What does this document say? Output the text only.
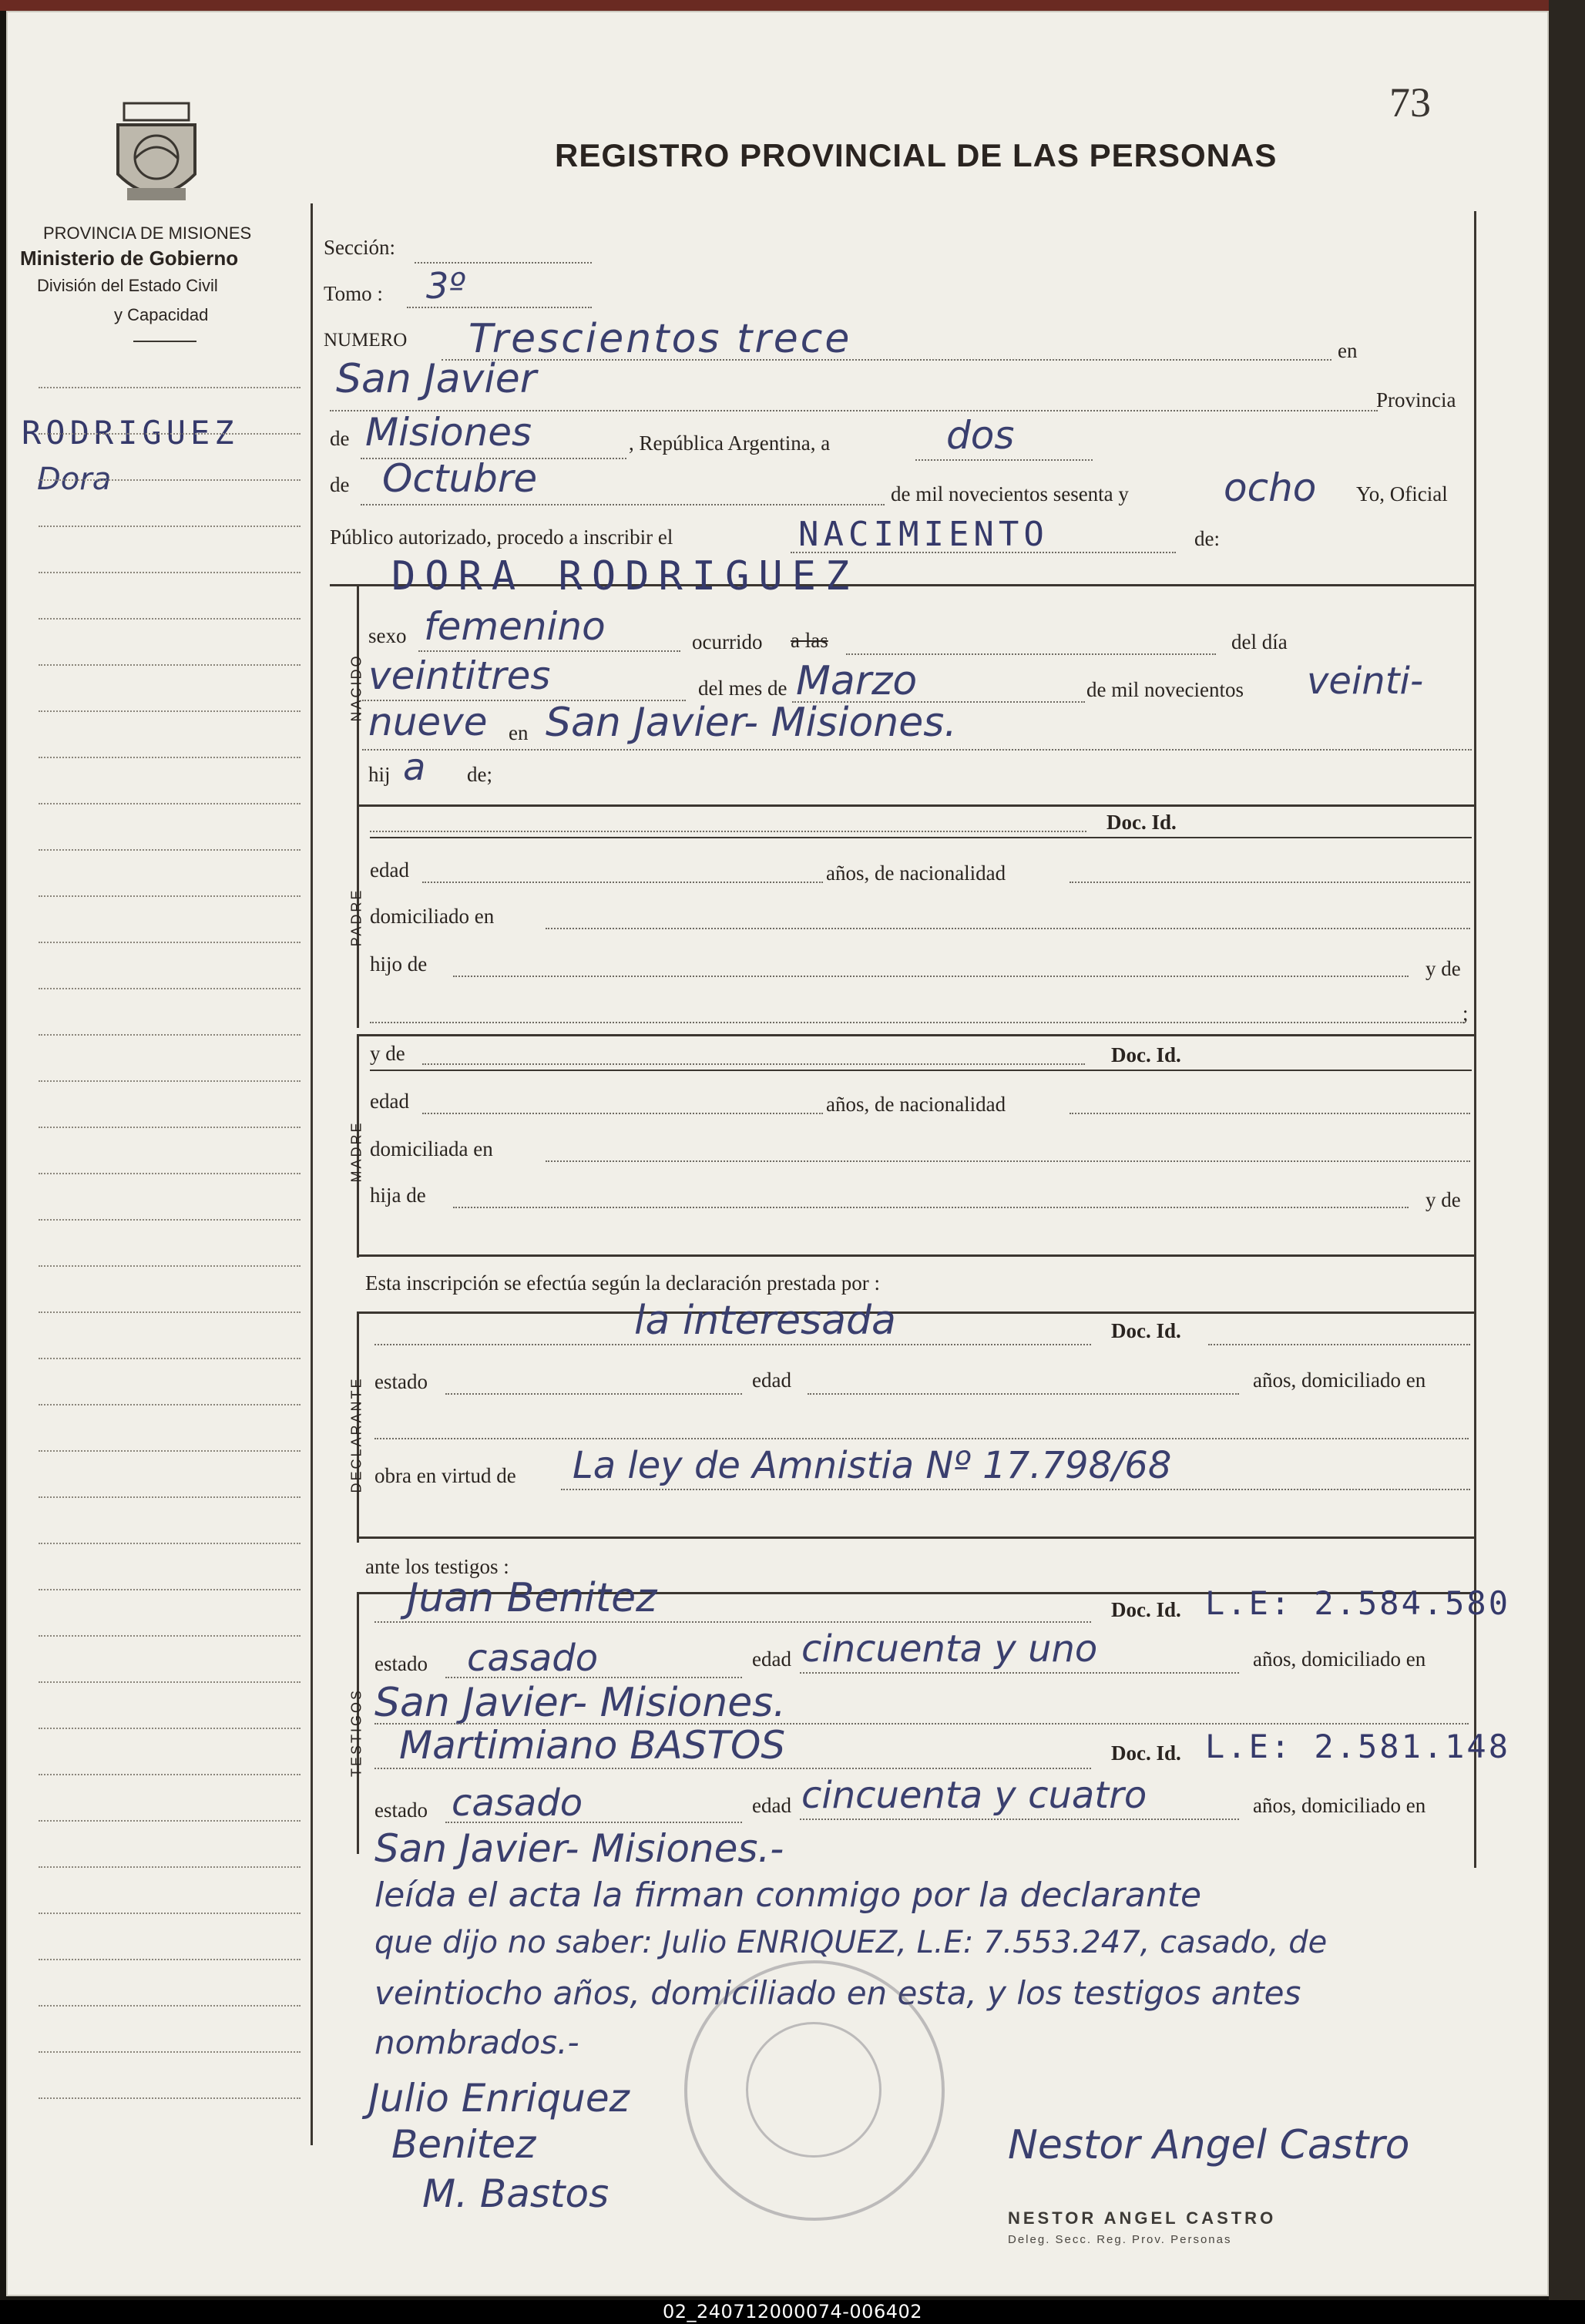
73
PROVINCIA DE MISIONES
Ministerio de Gobierno
División del Estado Civil
y Capacidad
REGISTRO PROVINCIAL DE LAS PERSONAS
RODRIGUEZ
Dora
Sección:
Tomo : 3º
NUMERO Trescientos trece	en
San Javier	Provincia
de Misiones	, República Argentina, a	dos
de Octubre	de mil novecientos sesenta y ocho Yo, Oficial
Público autorizado, procedo a inscribir el	NACIMIENTO	de:
DORA RODRIGUEZ
NACIDO
sexo femenino	ocurrido a las	del día
veintitres	del mes de Marzo	de mil novecientos veinti-
nueve en San Javier- Misiones.
hij a de;
PADRE
Doc. Id.
edad	años, de nacionalidad
domiciliado en
hijo de	y de
;
MADRE
y de	Doc. Id.
edad	años, de nacionalidad
domiciliada en
hija de	y de
Esta inscripción se efectúa según la declaración prestada por :
DECLARANTE
la interesada	Doc. Id.
estado	edad	años, domiciliado en
obra en virtud de La ley de Amnistia Nº 17.798/68
ante los testigos :
TESTIGOS
Juan Benitez	Doc. Id. L.E: 2.584.580
estado casado	edad cincuenta y uno	años, domiciliado en
San Javier- Misiones.
Martimiano BASTOS	Doc. Id. L.E: 2.581.148
estado casado	edad cincuenta y cuatro	años, domiciliado en
San Javier- Misiones.-
leída el acta la firman conmigo por la declarante
que dijo no saber: Julio ENRIQUEZ, L.E: 7.553.247, casado, de
veintiocho años, domiciliado en esta, y los testigos antes
nombrados.-
Julio Enriquez
Benitez
M. Bastos
Nestor Angel Castro
NESTOR ANGEL CASTRO
Deleg. Secc. Reg. Prov. Personas
02_240712000074-006402
